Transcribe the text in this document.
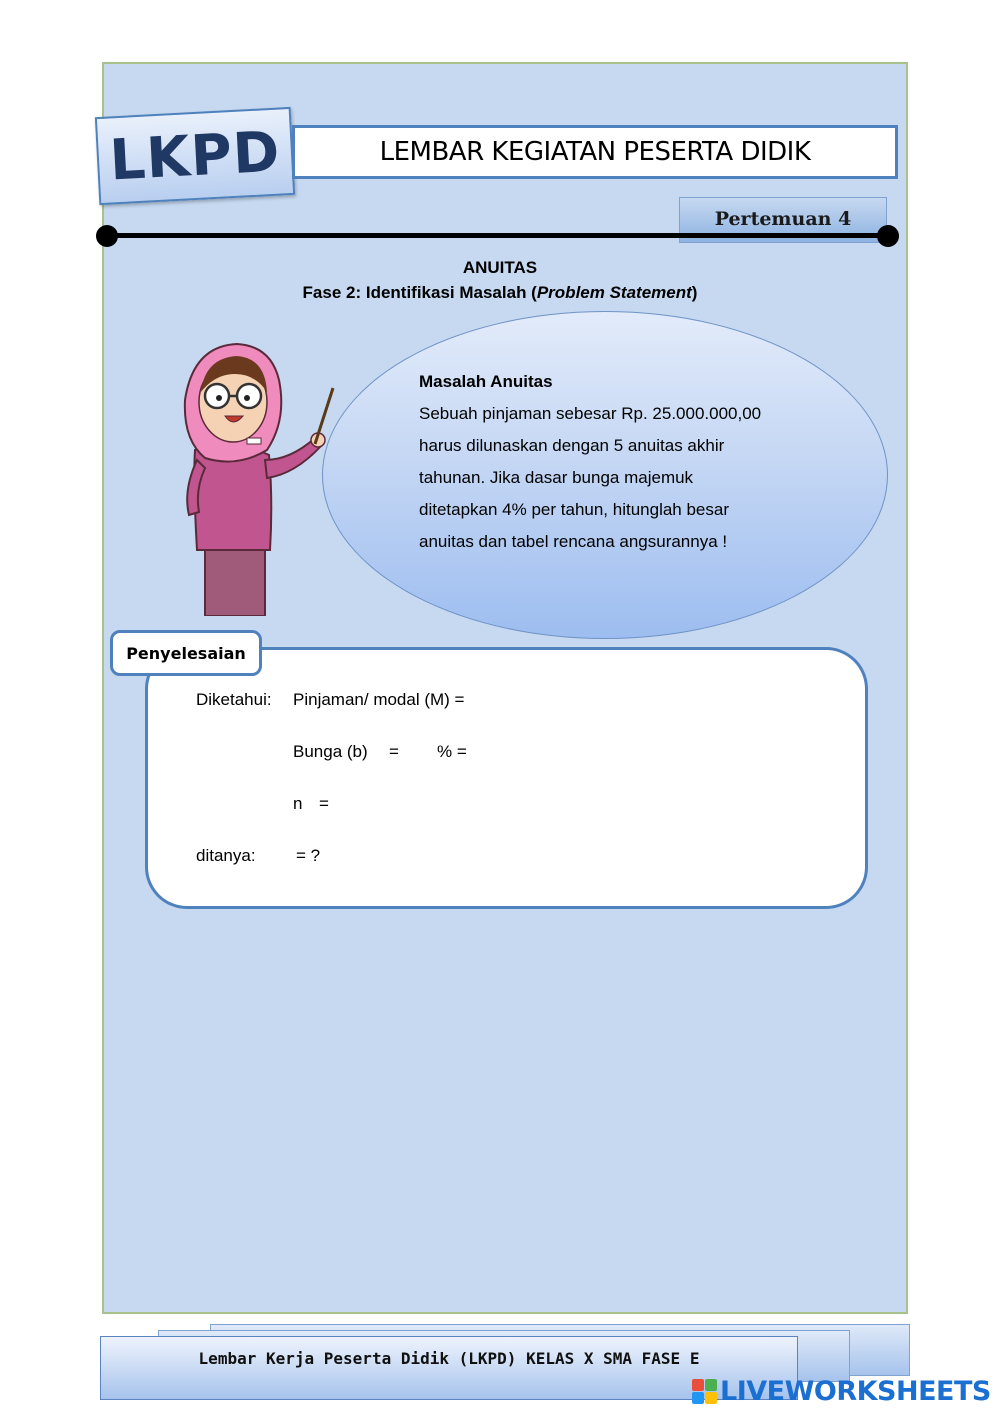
LKPD	LEMBAR KEGIATAN PESERTA DIDIK
Pertemuan 4
ANUITAS
Fase 2: Identifikasi Masalah (Problem Statement)
Masalah Anuitas
Sebuah pinjaman sebesar Rp. 25.000.000,00
harus dilunaskan dengan 5 anuitas akhir
tahunan. Jika dasar bunga majemuk
ditetapkan 4% per tahun, hitunglah besar
anuitas dan tabel rencana angsurannya !
Penyelesaian
Diketahui: Pinjaman/ modal (M) =
Bunga (b) = % =
n =
ditanya: = ?
Lembar Kerja Peserta Didik (LKPD) KELAS X SMA FASE E
LIVEWORKSHEETS
